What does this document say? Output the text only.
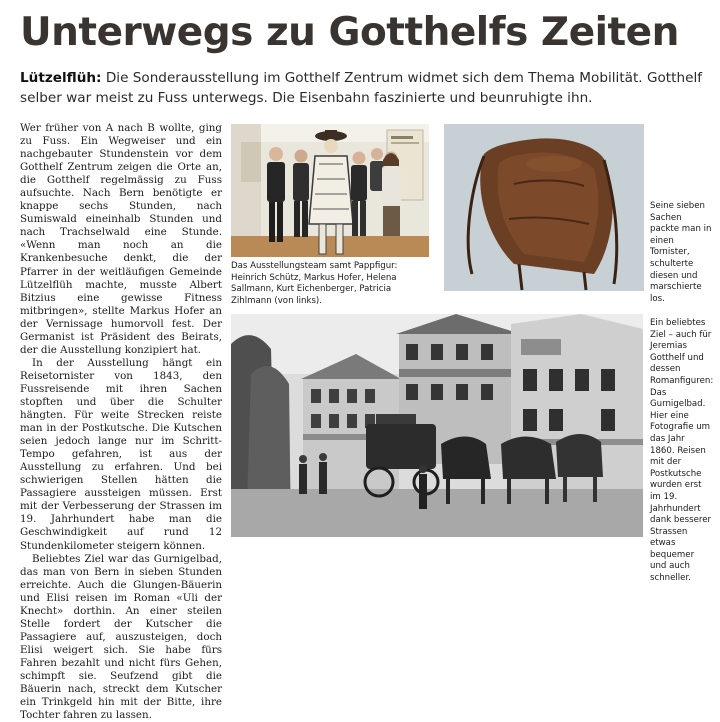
Unterwegs zu Gotthelfs Zeiten
Lützelflüh: Die Sonderausstellung im Gotthelf Zentrum widmet sich dem Thema Mobilität. Gotthelf selber war meist zu Fuss unterwegs. Die Eisenbahn faszinierte und beunruhigte ihn.

Wer früher von A nach B wollte, ging zu Fuss. Ein Wegweiser und ein nachgebauter Stundenstein vor dem Gotthelf Zentrum zeigen die Orte an, die Gotthelf regelmässig zu Fuss aufsuchte. Nach Bern benötigte er knappe sechs Stunden, nach Sumiswald eineinhalb Stunden und nach Trachselwald eine Stunde. «Wenn man noch an die Krankenbesuche denkt, die der Pfarrer in der weitläufigen Gemeinde Lützelflüh machte, musste Albert Bitzius eine gewisse Fitness mitbringen», stellte Markus Hofer an der Vernissage humorvoll fest. Der Germanist ist Präsident des Beirats, der die Ausstellung konzipiert hat.

In der Ausstellung hängt ein Reisetornister von 1843, den Fussreisende mit ihren Sachen stopften und über die Schulter hängten. Für weite Strecken reiste man in der Postkutsche. Die Kutschen seien jedoch lange nur im Schritt-Tempo gefahren, ist aus der Ausstellung zu erfahren. Und bei schwierigen Stellen hätten die Passagiere aussteigen müssen. Erst mit der Verbesserung der Strassen im 19. Jahrhundert habe man die Geschwindigkeit auf rund 12 Stundenkilometer steigern können.

Beliebtes Ziel war das Gurnigelbad, das man von Bern in sieben Stunden erreichte. Auch die Glungen-Bäuerin und Elisi reisen im Roman «Uli der Knecht» dorthin. An einer steilen Stelle fordert der Kutscher die Passagiere auf, auszusteigen, doch Elisi weigert sich. Sie habe fürs Fahren bezahlt und nicht fürs Gehen, schimpft sie. Seufzend gibt die Bäuerin nach, streckt dem Kutscher ein Trinkgeld hin mit der Bitte, ihre Tochter fahren zu lassen.

Das Ausstellungsteam samt Pappfigur: Heinrich Schütz, Markus Hofer, Helena Sallmann, Kurt Eichenberger, Patricia Zihlmann (von links).
Seine sieben Sachen packte man in einen Tornister, schulterte diesen und marschierte los.
Ein beliebtes Ziel – auch für Jeremias Gotthelf und dessen Romanfiguren: Das Gurnigelbad. Hier eine Fotografie um das Jahr 1860. Reisen mit der Postkutsche wurden erst im 19. Jahrhundert dank besserer Strassen etwas bequemer und auch schneller.
